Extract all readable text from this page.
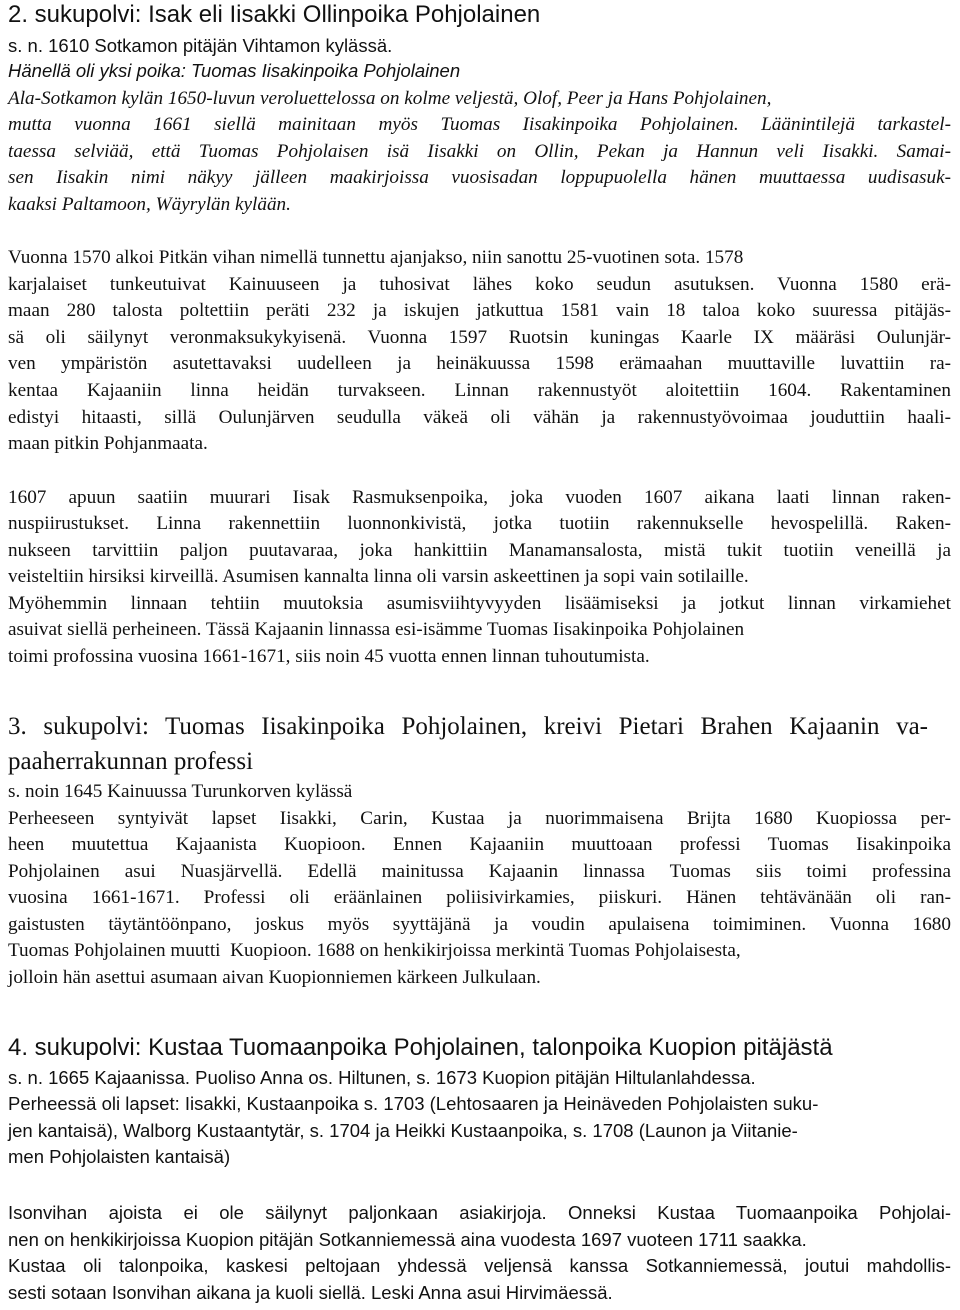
2. sukupolvi: Isak eli Iisakki Ollinpoika Pohjolainen
s. n. 1610 Sotkamon pitäjän Vihtamon kylässä.
Hänellä oli yksi poika: Tuomas Iisakinpoika Pohjolainen
Ala-Sotkamon kylän 1650-luvun veroluettelossa on kolme veljestä, Olof, Peer ja Hans Pohjolainen,
mutta vuonna 1661 siellä mainitaan myös Tuomas Iisakinpoika Pohjolainen. Läänintilejä tarkastel-
taessa selviää, että Tuomas Pohjolaisen isä Iisakki on Ollin, Pekan ja Hannun veli Iisakki. Samai-
sen Iisakin nimi näkyy jälleen maakirjoissa vuosisadan loppupuolella hänen muuttaessa uudisasuk-
kaaksi Paltamoon, Wäyrylän kylään.
Vuonna 1570 alkoi Pitkän vihan nimellä tunnettu ajanjakso, niin sanottu 25-vuotinen sota. 1578
karjalaiset tunkeutuivat Kainuuseen ja tuhosivat lähes koko seudun asutuksen. Vuonna 1580 erä-
maan 280 talosta poltettiin peräti 232 ja iskujen jatkuttua 1581 vain 18 taloa koko suuressa pitäjäs-
sä oli säilynyt veronmaksukykyisenä. Vuonna 1597 Ruotsin kuningas Kaarle IX määräsi Oulunjär-
ven ympäristön asutettavaksi uudelleen ja heinäkuussa 1598 erämaahan muuttaville luvattiin ra-
kentaa Kajaaniin linna heidän turvakseen. Linnan rakennustyöt aloitettiin 1604. Rakentaminen
edistyi hitaasti, sillä Oulunjärven seudulla väkeä oli vähän ja rakennustyövoimaa jouduttiin haali-
maan pitkin Pohjanmaata.
1607 apuun saatiin muurari Iisak Rasmuksenpoika, joka vuoden 1607 aikana laati linnan raken-
nuspiirustukset. Linna rakennettiin luonnonkivistä, jotka tuotiin rakennukselle hevospelillä. Raken-
nukseen tarvittiin paljon puutavaraa, joka hankittiin Manamansalosta, mistä tukit tuotiin veneillä ja
veisteltiin hirsiksi kirveillä. Asumisen kannalta linna oli varsin askeettinen ja sopi vain sotilaille.
Myöhemmin linnaan tehtiin muutoksia asumisviihtyvyyden lisäämiseksi ja jotkut linnan virkamiehet
asuivat siellä perheineen. Tässä Kajaanin linnassa esi-isämme Tuomas Iisakinpoika Pohjolainen
toimi profossina vuosina 1661-1671, siis noin 45 vuotta ennen linnan tuhoutumista.
3. sukupolvi: Tuomas Iisakinpoika Pohjolainen, kreivi Pietari Brahen Kajaanin va-
paaherrakunnan professi
s. noin 1645 Kainuussa Turunkorven kylässä
Perheeseen syntyivät lapset Iisakki, Carin, Kustaa ja nuorimmaisena Brijta 1680 Kuopiossa per-
heen muutettua Kajaanista Kuopioon. Ennen Kajaaniin muuttoaan professi Tuomas Iisakinpoika
Pohjolainen asui Nuasjärvellä. Edellä mainitussa Kajaanin linnassa Tuomas siis toimi professina
vuosina 1661-1671. Professi oli eräänlainen poliisivirkamies, piiskuri. Hänen tehtävänään oli ran-
gaistusten täytäntöönpano, joskus myös syyttäjänä ja voudin apulaisena toimiminen. Vuonna 1680
Tuomas Pohjolainen muutti  Kuopioon. 1688 on henkikirjoissa merkintä Tuomas Pohjolaisesta,
jolloin hän asettui asumaan aivan Kuopionniemen kärkeen Julkulaan.
4. sukupolvi: Kustaa Tuomaanpoika Pohjolainen, talonpoika Kuopion pitäjästä
s. n. 1665 Kajaanissa. Puoliso Anna os. Hiltunen, s. 1673 Kuopion pitäjän Hiltulanlahdessa.
Perheessä oli lapset: Iisakki, Kustaanpoika s. 1703 (Lehtosaaren ja Heinäveden Pohjolaisten suku-
jen kantaisä), Walborg Kustaantytär, s. 1704 ja Heikki Kustaanpoika, s. 1708 (Launon ja Viitanie-
men Pohjolaisten kantaisä)
Isonvihan ajoista ei ole säilynyt paljonkaan asiakirjoja. Onneksi Kustaa Tuomaanpoika Pohjolai-
nen on henkikirjoissa Kuopion pitäjän Sotkanniemessä aina vuodesta 1697 vuoteen 1711 saakka.
Kustaa oli talonpoika, kaskesi peltojaan yhdessä veljensä kanssa Sotkanniemessä, joutui mahdollis-
sesti sotaan Isonvihan aikana ja kuoli siellä. Leski Anna asui Hirvimäessä.
